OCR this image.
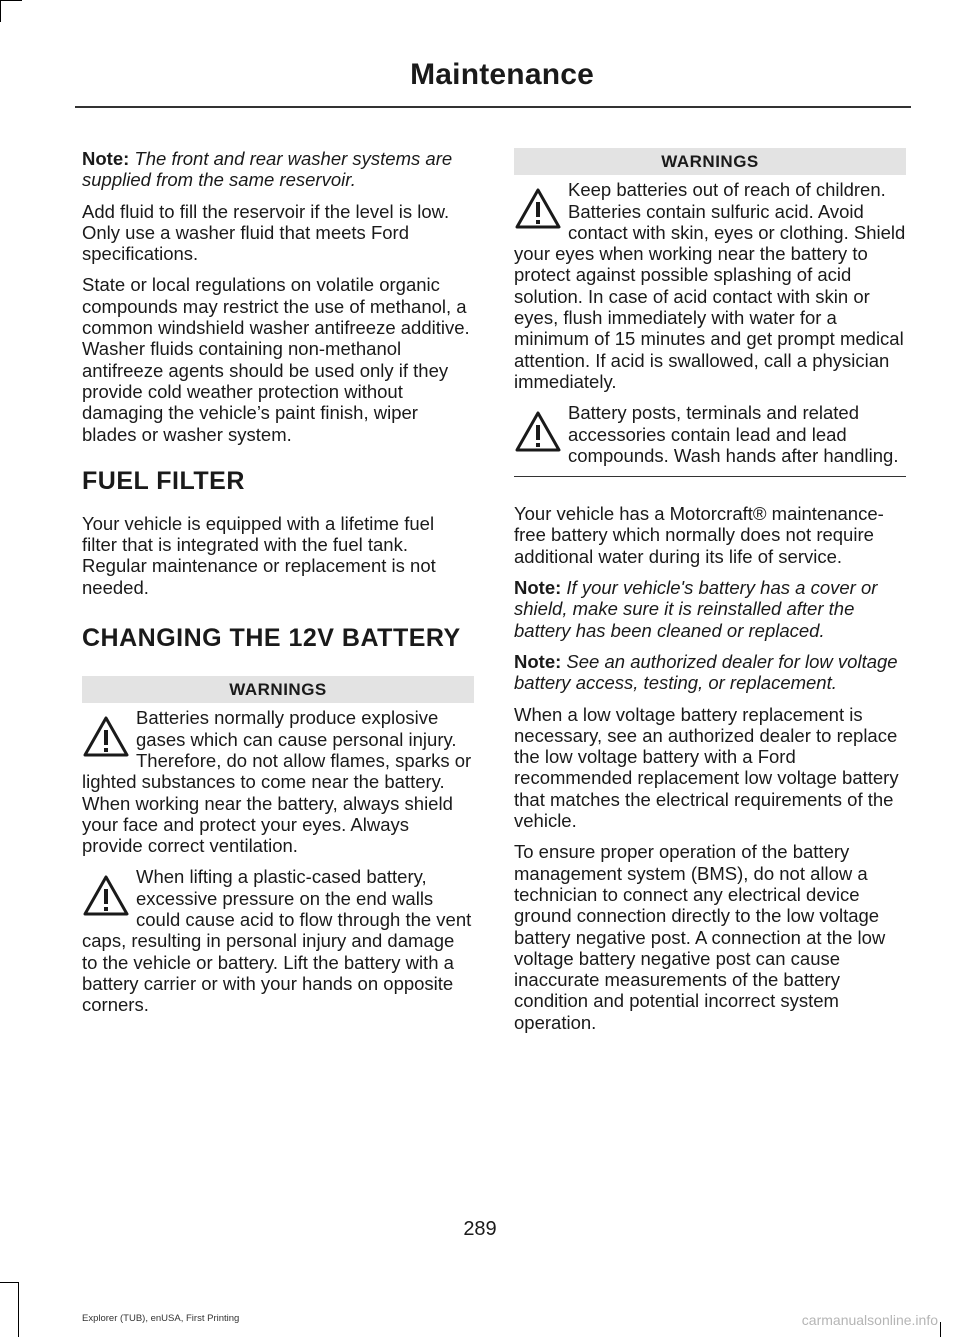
Maintenance

Note: The front and rear washer systems are supplied from the same reservoir.

Add fluid to fill the reservoir if the level is low. Only use a washer fluid that meets Ford specifications.

State or local regulations on volatile organic compounds may restrict the use of methanol, a common windshield washer antifreeze additive. Washer fluids containing non-methanol antifreeze agents should be used only if they provide cold weather protection without damaging the vehicle’s paint finish, wiper blades or washer system.

FUEL FILTER

Your vehicle is equipped with a lifetime fuel filter that is integrated with the fuel tank. Regular maintenance or replacement is not needed.

CHANGING THE 12V BATTERY
WARNINGS
Batteries normally produce explosive gases which can cause personal injury. Therefore, do not allow flames, sparks or lighted substances to come near the battery. When working near the battery, always shield your face and protect your eyes. Always provide correct ventilation.
When lifting a plastic-cased battery, excessive pressure on the end walls could cause acid to flow through the vent caps, resulting in personal injury and damage to the vehicle or battery. Lift the battery with a battery carrier or with your hands on opposite corners.
WARNINGS
Keep batteries out of reach of children. Batteries contain sulfuric acid. Avoid contact with skin, eyes or clothing. Shield your eyes when working near the battery to protect against possible splashing of acid solution. In case of acid contact with skin or eyes, flush immediately with water for a minimum of 15 minutes and get prompt medical attention. If acid is swallowed, call a physician immediately.
Battery posts, terminals and related accessories contain lead and lead compounds. Wash hands after handling.

Your vehicle has a Motorcraft® maintenance-free battery which normally does not require additional water during its life of service.

Note: If your vehicle's battery has a cover or shield, make sure it is reinstalled after the battery has been cleaned or replaced.

Note: See an authorized dealer for low voltage battery access, testing, or replacement.

When a low voltage battery replacement is necessary, see an authorized dealer to replace the low voltage battery with a Ford recommended replacement low voltage battery that matches the electrical requirements of the vehicle.

To ensure proper operation of the battery management system (BMS), do not allow a technician to connect any electrical device ground connection directly to the low voltage battery negative post. A connection at the low voltage battery negative post can cause inaccurate measurements of the battery condition and potential incorrect system operation.

289
Explorer (TUB), enUSA, First Printing	carmanualsonline.info
